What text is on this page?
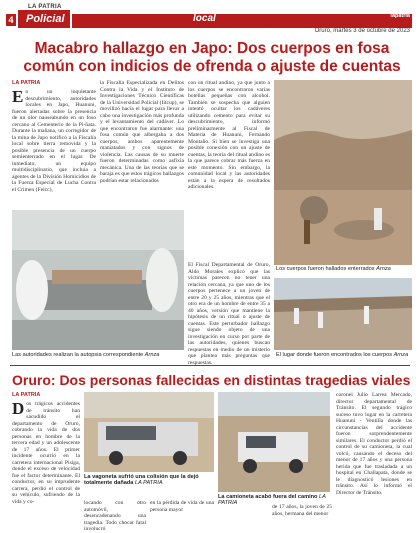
LA PATRIA
Policial
4	local	lapatria
Oruro, martes 3 de octubre de 2023
Macabro hallazgo en Japo: Dos cuerpos en fosa común con indicios de ofrenda o ajuste de cuentas
LA PATRIA
En un inquietante descubrimiento, autoridades locales en Japo, Huanuni, fueron alertadas sobre la presencia de un olor nauseabundo en un foso cercano al Cementerio de la Pi-ñata. Durante la mañana, un corregidor de la mina de Japo notificó a la Fiscalía local sobre tierra removida y la posible presencia de un cuerpo semienterrado en el lugar. De inmediato, un equipo multidisciplinario, que incluía a agentes de la División Homicidios de la Fuerza Especial de Lucha Contra el Crimen (Felcc),
la Fiscalía Especializada en Delitos Contra la Vida y el Instituto de Investigaciones Técnico Científicas de la Universidad Policial (Iitcup), se movilizó hacia el lugar para llevar a cabo una investigación más profunda y el levantamiento del cadáver. Lo que encontraron fue alarmante: una fosa común que albergaba a dos cuerpos, ambos aparentemente maniatados y con signos de violencia. Las causas de su muerte fueron determinadas como asfixia mecánica. Una de las teorías que se baraja es que estos trágicos hallazgos podrían estar relacionados
con un ritual andino, ya que junto a los cuerpos se encontraron varias botellas pequeñas con alcohol. También se sospecha que alguien intentó ocultar los cadáveres utilizando cemento para evitar su descubrimiento, informó preliminarmente al Fiscal de Materia de Huanuni, Fernando Montaño. Si bien se investiga una posible conexión con un ajuste de cuentas, la teoría del ritual andino es la que parece cobrar más fuerza en este momento. Sin embargo, la comunidad local y las autoridades están a la espera de resultados adicionales.
El Fiscal Departamental de Oruro, Aldo Morales explicó que las víctimas parecen no tener una relación cercana, ya que uno de los cuerpos pertenece a un joven de entre 20 y 25 años, mientras que el otro era de un hombre de entre 35 a 40 años, versión que mantiene la hipótesis de un ritual o ajuste de cuentas. Este perturbador hallazgo sigue siendo objeto de una investigación en curso por parte de las autoridades, quienes buscan respuestas en medio de un misterio que plantea más preguntas que respuestas.
Los cuerpos fueron hallados enterrados Arnza
Las autoridades realizan la autopsia correspondiente Arnza	El lugar donde fueron encontrados los cuerpos Arnza
Oruro: Dos personas fallecidas en distintas tragedias viales
LA PATRIA
Dos trágicos accidentes de tránsito han sacudido el departamento de Oruro, cobrando la vida de dos personas en hombre de la tercera edad y un adolescente de 17 años. El primer incidente ocurrió en la carretera internacional Pisiga, donde el exceso de velocidad fue el factor determinante. El conductor, en su imprudente carrera, perdió el control de su vehículo, sufriendo de la vida y co-
La vagoneta sufrió una colisión que la dejó totalmente dañada LA PATRIA
La camioneta acabó fuera del camino LA PATRIA
locando con otro automóvil, desencadenando una tragedia. Todo chocar fatal involucró
en la pérdida de vida de una persona mayor	de 17 años, la joven de 25 años, hermana del menor
coronel Julio Larrea Mercado, director departamental de Tránsito. El segundo trágico suceso tuvo lugar en la carretera Huanuni - Ventilla donde las circunstancias del accidente fueron sorprendentemente similares. El conductor perdió el control de su camioneta, la cual volcó, causando el deceso del menor de 17 años y una persona herida que fue trasladada a un hospital en Challapata, donde se le diagnosticó lesiones en tránsito. Así lo informó el Director de Tránsito.
